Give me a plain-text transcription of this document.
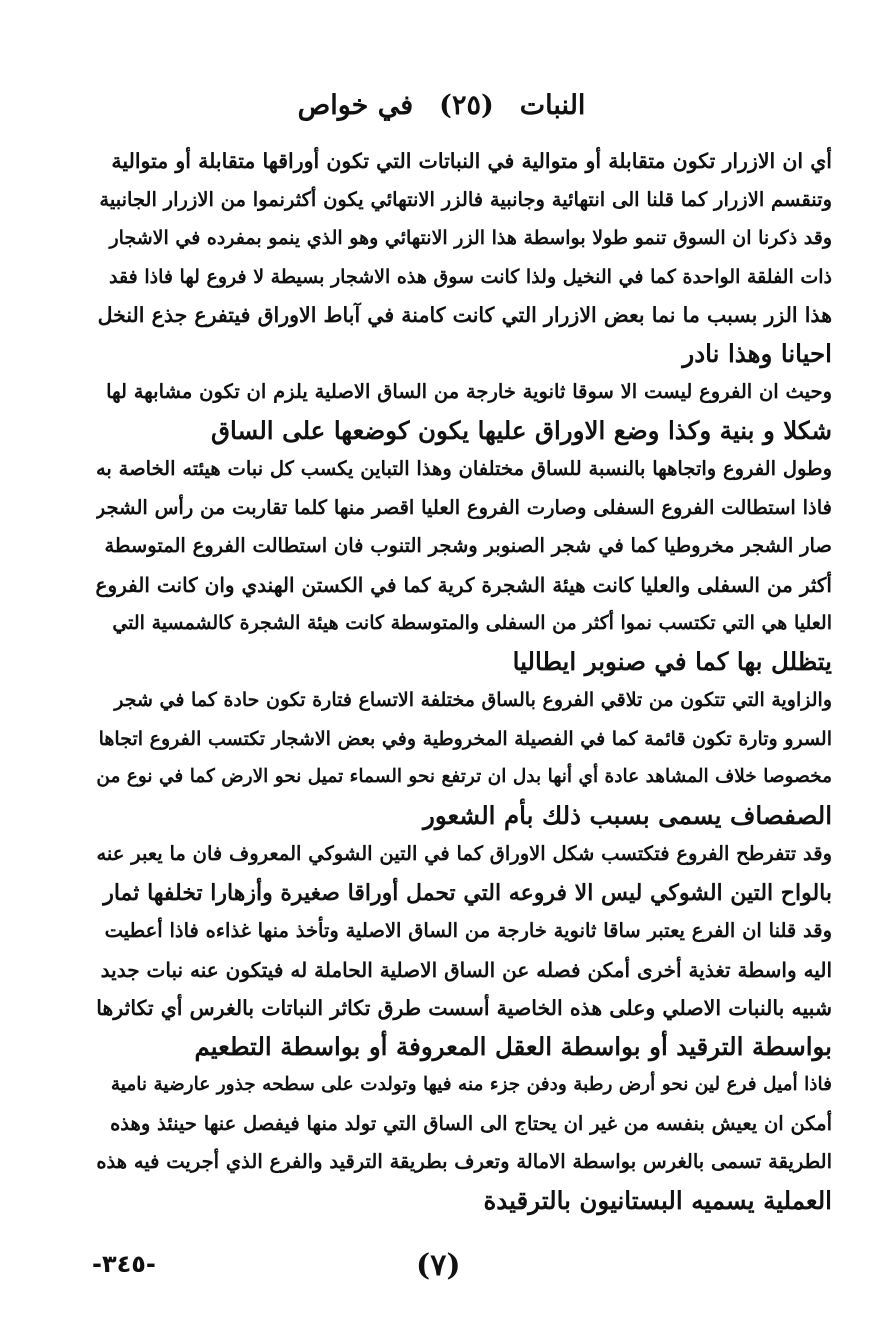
النبات
(٢٥)
في خواص
أي ان الازرار تكون متقابلة أو متوالية في النباتات التي تكون أوراقها متقابلة أو متوالية
وتنقسم الازرار كما قلنا الى انتهائية وجانبية فالزر الانتهائي يكون أكثرنموا من الازرار الجانبية
وقد ذكرنا ان السوق تنمو طولا بواسطة هذا الزر الانتهائي وهو الذي ينمو بمفرده في الاشجار
ذات الفلقة الواحدة كما في النخيل ولذا كانت سوق هذه الاشجار بسيطة لا فروع لها فاذا فقد
هذا الزر بسبب ما نما بعض الازرار التي كانت كامنة في آباط الاوراق فيتفرع جذع النخل
احيانا وهذا نادر
وحيث ان الفروع ليست الا سوقا ثانوية خارجة من الساق الاصلية يلزم ان تكون مشابهة لها
شكلا و بنية وكذا وضع الاوراق عليها يكون كوضعها على الساق
وطول الفروع واتجاهها بالنسبة للساق مختلفان وهذا التباين يكسب كل نبات هيئته الخاصة به
فاذا استطالت الفروع السفلى وصارت الفروع العليا اقصر منها كلما تقاربت من رأس الشجر
صار الشجر مخروطيا كما في شجر الصنوبر وشجر التنوب فان استطالت الفروع المتوسطة
أكثر من السفلى والعليا كانت هيئة الشجرة كرية كما في الكستن الهندي وان كانت الفروع
العليا هي التي تكتسب نموا أكثر من السفلى والمتوسطة كانت هيئة الشجرة كالشمسية التي
يتظلل بها كما في صنوبر ايطاليا
والزاوية التي تتكون من تلاقي الفروع بالساق مختلفة الاتساع فتارة تكون حادة كما في شجر
السرو وتارة تكون قائمة كما في الفصيلة المخروطية وفي بعض الاشجار تكتسب الفروع اتجاها
مخصوصا خلاف المشاهد عادة أي أنها بدل ان ترتفع نحو السماء تميل نحو الارض كما في نوع من
الصفصاف يسمى بسبب ذلك بأم الشعور
وقد تتفرطح الفروع فتكتسب شكل الاوراق كما في التين الشوكي المعروف فان ما يعبر عنه
بالواح التين الشوكي ليس الا فروعه التي تحمل أوراقا صغيرة وأزهارا تخلفها ثمار
وقد قلنا ان الفرع يعتبر ساقا ثانوية خارجة من الساق الاصلية وتأخذ منها غذاءه فاذا أعطيت
اليه واسطة تغذية أخرى أمكن فصله عن الساق الاصلية الحاملة له فيتكون عنه نبات جديد
شبيه بالنبات الاصلي وعلى هذه الخاصية أسست طرق تكاثر النباتات بالغرس أي تكاثرها
بواسطة الترقيد أو بواسطة العقل المعروفة أو بواسطة التطعيم
فاذا أميل فرع لين نحو أرض رطبة ودفن جزء منه فيها وتولدت على سطحه جذور عارضية نامية
أمكن ان يعيش بنفسه من غير ان يحتاج الى الساق التي تولد منها فيفصل عنها حينئذ وهذه
الطريقة تسمى بالغرس بواسطة الامالة وتعرف بطريقة الترقيد والفرع الذي أجريت فيه هذه
العملية يسميه البستانيون بالترقيدة
-٣٤٥-	(٧)
